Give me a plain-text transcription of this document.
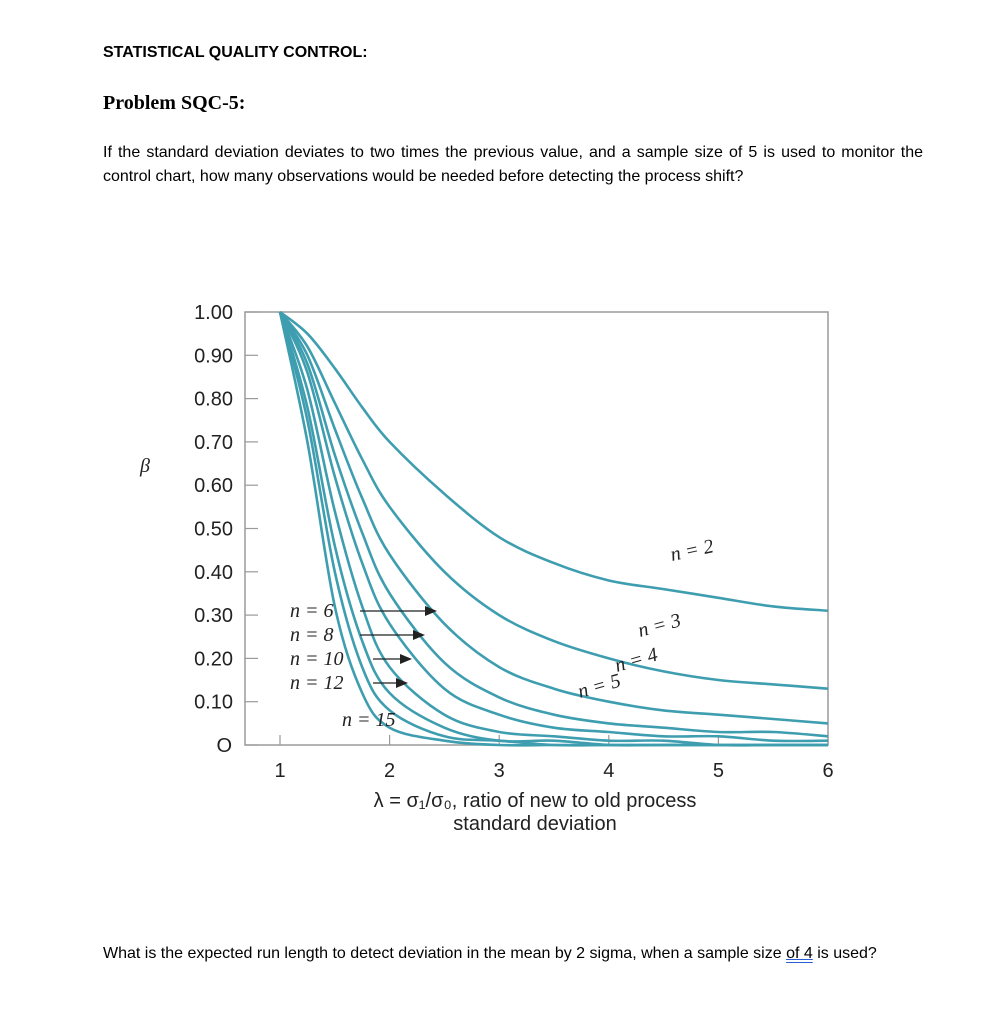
STATISTICAL QUALITY CONTROL:
Problem SQC-5:
If the standard deviation deviates to two times the previous value, and a sample size of 5 is used to monitor the control chart, how many observations would be needed before detecting the process shift?
O
0.10
0.20
0.30
0.40
0.50
0.60
0.70
0.80
0.90
1.00
1	2	3	4	5	6
n = 2
n = 3
n = 4
n = 5
n = 6
n = 8
n = 10
n = 12
n = 15
β
λ = σ₁/σ₀, ratio of new to old process
standard deviation
What is the expected run length to detect deviation in the mean by 2 sigma, when a sample size of 4 is used?
